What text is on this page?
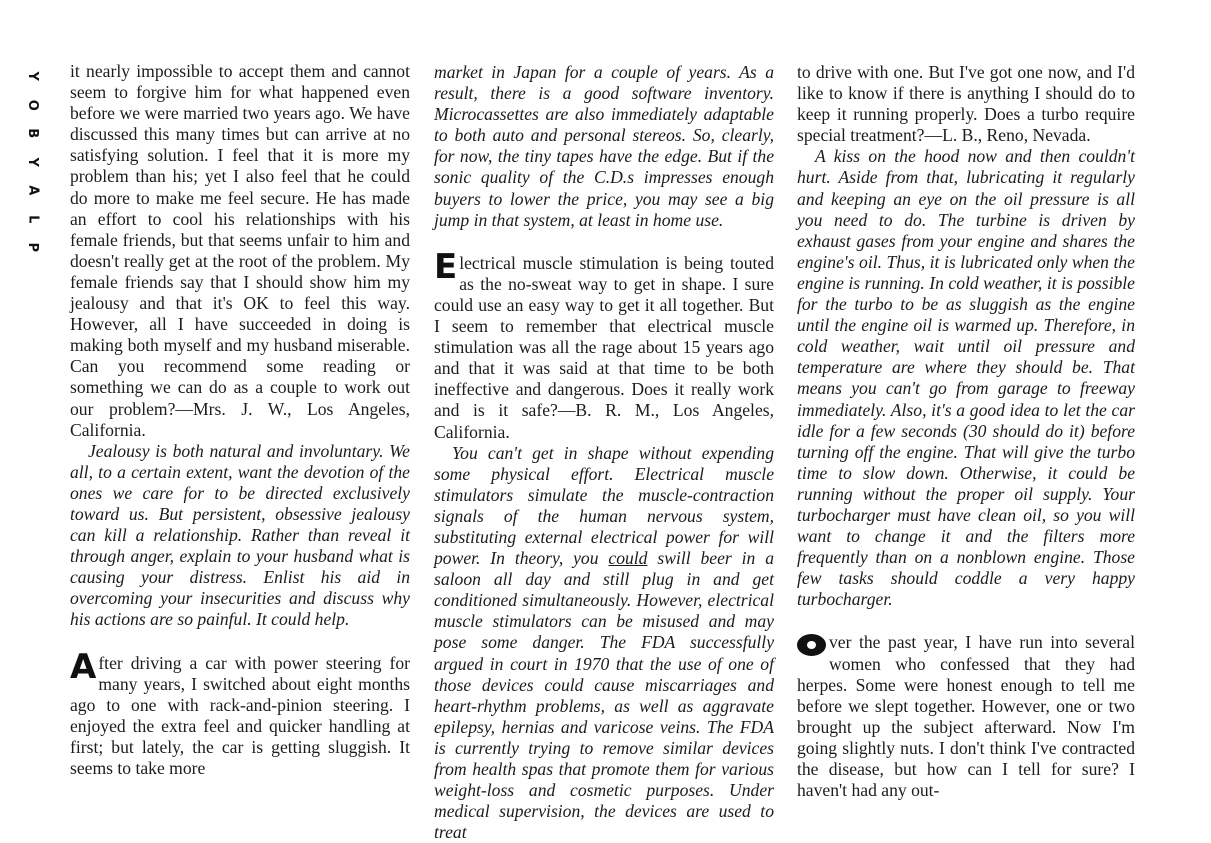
Y
O
B
Y
A
L
P

it nearly impossible to accept them and cannot seem to forgive him for what happened even before we were married two years ago. We have discussed this many times but can arrive at no satisfying solution. I feel that it is more my problem than his; yet I also feel that he could do more to make me feel secure. He has made an effort to cool his relationships with his female friends, but that seems unfair to him and doesn't really get at the root of the problem. My female friends say that I should show him my jealousy and that it's OK to feel this way. However, all I have succeeded in doing is making both myself and my husband miserable. Can you recommend some reading or something we can do as a couple to work out our problem?—Mrs. J. W., Los Angeles, California.

Jealousy is both natural and involuntary. We all, to a certain extent, want the devotion of the ones we care for to be directed exclusively toward us. But persistent, obsessive jealousy can kill a relationship. Rather than reveal it through anger, explain to your husband what is causing your distress. Enlist his aid in overcoming your insecurities and discuss why his actions are so painful. It could help.

After driving a car with power steering for many years, I switched about eight months ago to one with rack-and-pinion steering. I enjoyed the extra feel and quicker handling at first; but lately, the car is getting sluggish. It seems to take more

market in Japan for a couple of years. As a result, there is a good software inventory. Microcassettes are also immediately adaptable to both auto and personal stereos. So, clearly, for now, the tiny tapes have the edge. But if the sonic quality of the C.D.s impresses enough buyers to lower the price, you may see a big jump in that system, at least in home use.

Electrical muscle stimulation is being touted as the no-sweat way to get in shape. I sure could use an easy way to get it all together. But I seem to remember that electrical muscle stimulation was all the rage about 15 years ago and that it was said at that time to be both ineffective and dangerous. Does it really work and is it safe?—B. R. M., Los Angeles, California.

You can't get in shape without expending some physical effort. Electrical muscle stimulators simulate the muscle-contraction signals of the human nervous system, substituting external electrical power for will power. In theory, you could swill beer in a saloon all day and still plug in and get conditioned simultaneously. However, electrical muscle stimulators can be misused and may pose some danger. The FDA successfully argued in court in 1970 that the use of one of those devices could cause miscarriages and heart-rhythm problems, as well as aggravate epilepsy, hernias and varicose veins. The FDA is currently trying to remove similar devices from health spas that promote them for various weight-loss and cosmetic purposes. Under medical supervision, the devices are used to treat

to drive with one. But I've got one now, and I'd like to know if there is anything I should do to keep it running properly. Does a turbo require special treatment?—L. B., Reno, Nevada.

A kiss on the hood now and then couldn't hurt. Aside from that, lubricating it regularly and keeping an eye on the oil pressure is all you need to do. The turbine is driven by exhaust gases from your engine and shares the engine's oil. Thus, it is lubricated only when the engine is running. In cold weather, it is possible for the turbo to be as sluggish as the engine until the engine oil is warmed up. Therefore, in cold weather, wait until oil pressure and temperature are where they should be. That means you can't go from garage to freeway immediately. Also, it's a good idea to let the car idle for a few seconds (30 should do it) before turning off the engine. That will give the turbo time to slow down. Otherwise, it could be running without the proper oil supply. Your turbocharger must have clean oil, so you will want to change it and the filters more frequently than on a nonblown engine. Those few tasks should coddle a very happy turbocharger.

ver the past year, I have run into several women who confessed that they had herpes. Some were honest enough to tell me before we slept together. However, one or two brought up the subject afterward. Now I'm going slightly nuts. I don't think I've contracted the disease, but how can I tell for sure? I haven't had any out-
